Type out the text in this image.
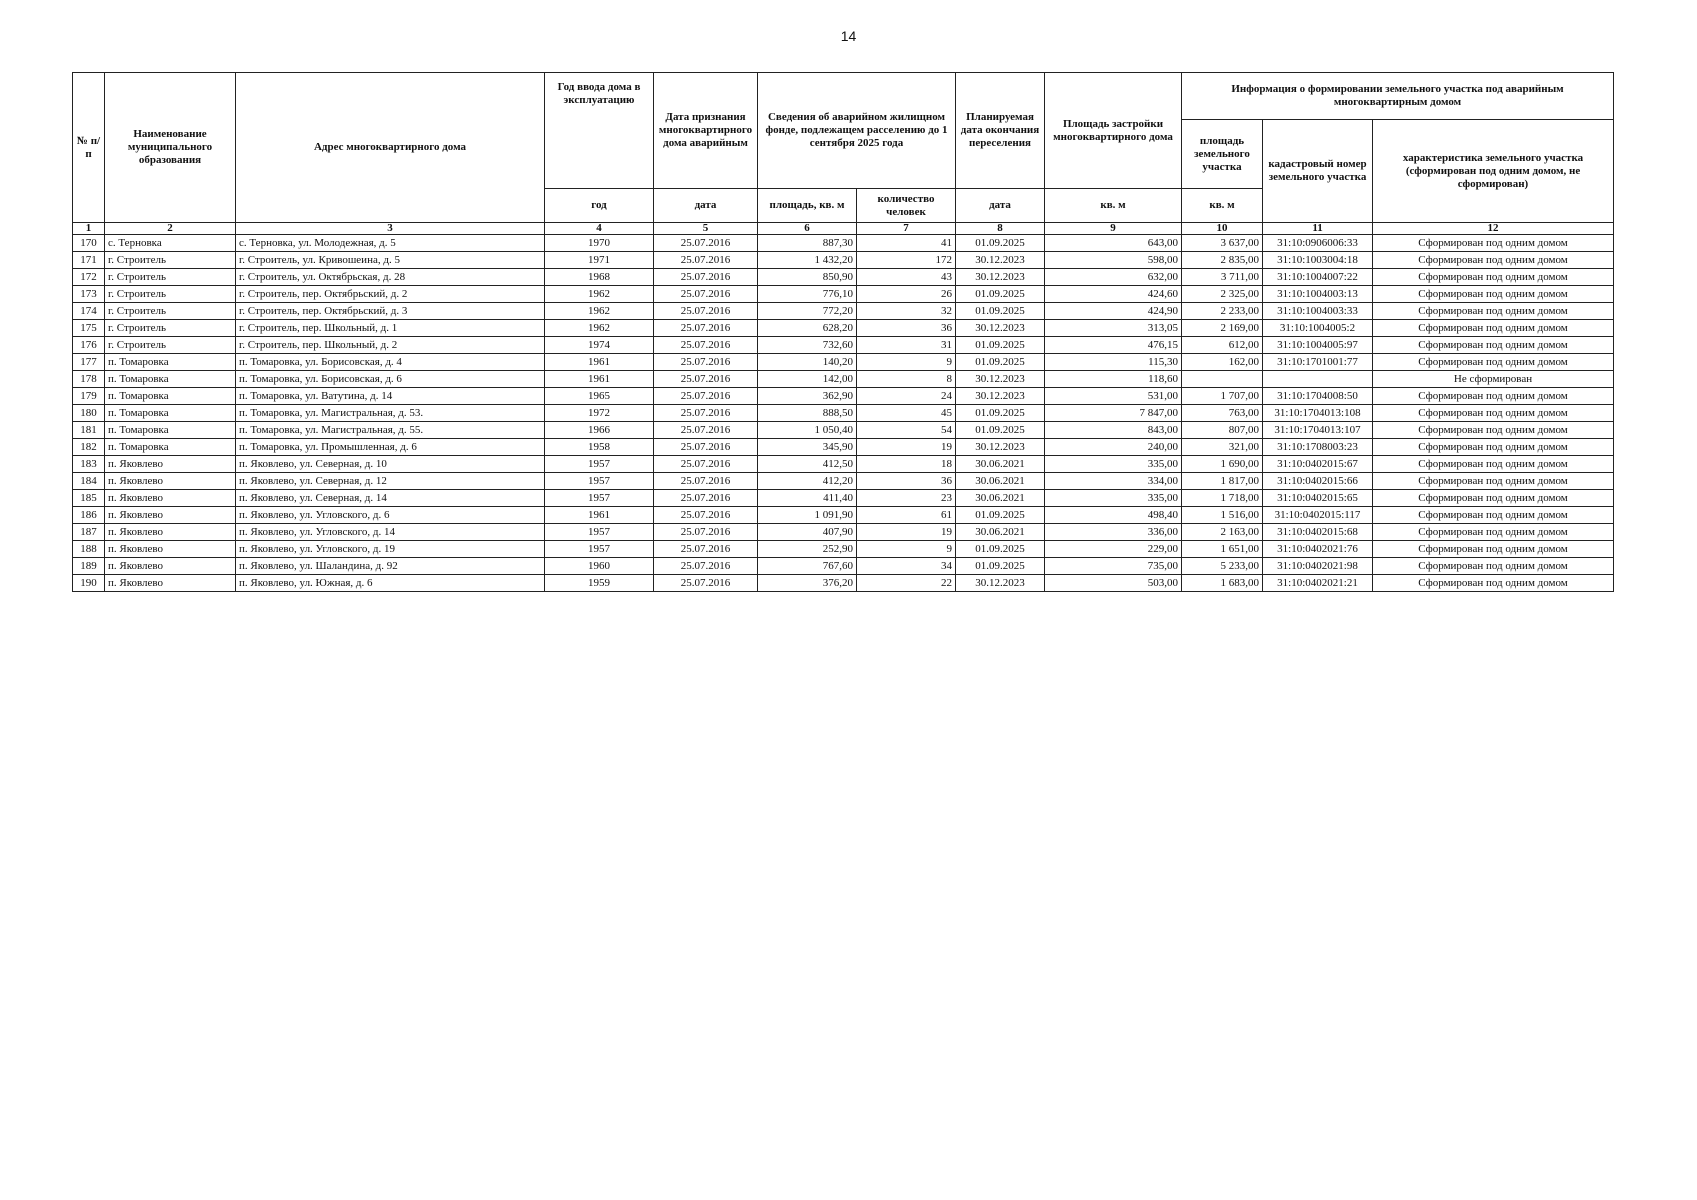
14
№ п/п	Наименование муниципального образования	Адрес многоквартирного дома	Год ввода дома в эксплуатацию	Дата признания многоквартирного дома аварийным	Сведения об аварийном жилищном фонде, подлежащем расселению до 1 сентября 2025 года		Планируемая дата окончания переселения	Площадь застройки многоквартирного дома	Информация о формировании земельного участка под аварийным многоквартирным домом		
									площадь земельного участка	кадастровый номер земельного участка	характеристика земельного участка (сформирован под одним домом, не сформирован)
			год	дата	площадь, кв. м	количество человек	дата	кв. м	кв. м		
1	2	3	4	5	6	7	8	9	10	11	12
170	с. Терновка	с. Терновка, ул. Молодежная, д. 5	1970	25.07.2016	887,30	41	01.09.2025	643,00	3 637,00	31:10:0906006:33	Сформирован под одним домом
171	г. Строитель	г. Строитель, ул. Кривошеина, д. 5	1971	25.07.2016	1 432,20	172	30.12.2023	598,00	2 835,00	31:10:1003004:18	Сформирован под одним домом
172	г. Строитель	г. Строитель, ул. Октябрьская, д. 28	1968	25.07.2016	850,90	43	30.12.2023	632,00	3 711,00	31:10:1004007:22	Сформирован под одним домом
173	г. Строитель	г. Строитель, пер. Октябрьский, д. 2	1962	25.07.2016	776,10	26	01.09.2025	424,60	2 325,00	31:10:1004003:13	Сформирован под одним домом
174	г. Строитель	г. Строитель, пер. Октябрьский, д. 3	1962	25.07.2016	772,20	32	01.09.2025	424,90	2 233,00	31:10:1004003:33	Сформирован под одним домом
175	г. Строитель	г. Строитель, пер. Школьный, д. 1	1962	25.07.2016	628,20	36	30.12.2023	313,05	2 169,00	31:10:1004005:2	Сформирован под одним домом
176	г. Строитель	г. Строитель, пер. Школьный, д. 2	1974	25.07.2016	732,60	31	01.09.2025	476,15	612,00	31:10:1004005:97	Сформирован под одним домом
177	п. Томаровка	п. Томаровка, ул. Борисовская, д. 4	1961	25.07.2016	140,20	9	01.09.2025	115,30	162,00	31:10:1701001:77	Сформирован под одним домом
178	п. Томаровка	п. Томаровка, ул. Борисовская, д. 6	1961	25.07.2016	142,00	8	30.12.2023	118,60			Не сформирован
179	п. Томаровка	п. Томаровка, ул. Ватутина, д. 14	1965	25.07.2016	362,90	24	30.12.2023	531,00	1 707,00	31:10:1704008:50	Сформирован под одним домом
180	п. Томаровка	п. Томаровка, ул. Магистральная, д. 53.	1972	25.07.2016	888,50	45	01.09.2025	7 847,00	763,00	31:10:1704013:108	Сформирован под одним домом
181	п. Томаровка	п. Томаровка, ул. Магистральная, д. 55.	1966	25.07.2016	1 050,40	54	01.09.2025	843,00	807,00	31:10:1704013:107	Сформирован под одним домом
182	п. Томаровка	п. Томаровка, ул. Промышленная, д. 6	1958	25.07.2016	345,90	19	30.12.2023	240,00	321,00	31:10:1708003:23	Сформирован под одним домом
183	п. Яковлево	п. Яковлево, ул. Северная, д. 10	1957	25.07.2016	412,50	18	30.06.2021	335,00	1 690,00	31:10:0402015:67	Сформирован под одним домом
184	п. Яковлево	п. Яковлево, ул. Северная, д. 12	1957	25.07.2016	412,20	36	30.06.2021	334,00	1 817,00	31:10:0402015:66	Сформирован под одним домом
185	п. Яковлево	п. Яковлево, ул. Северная, д. 14	1957	25.07.2016	411,40	23	30.06.2021	335,00	1 718,00	31:10:0402015:65	Сформирован под одним домом
186	п. Яковлево	п. Яковлево, ул. Угловского, д. 6	1961	25.07.2016	1 091,90	61	01.09.2025	498,40	1 516,00	31:10:0402015:117	Сформирован под одним домом
187	п. Яковлево	п. Яковлево, ул. Угловского, д. 14	1957	25.07.2016	407,90	19	30.06.2021	336,00	2 163,00	31:10:0402015:68	Сформирован под одним домом
188	п. Яковлево	п. Яковлево, ул. Угловского, д. 19	1957	25.07.2016	252,90	9	01.09.2025	229,00	1 651,00	31:10:0402021:76	Сформирован под одним домом
189	п. Яковлево	п. Яковлево, ул. Шаландина, д. 92	1960	25.07.2016	767,60	34	01.09.2025	735,00	5 233,00	31:10:0402021:98	Сформирован под одним домом
190	п. Яковлево	п. Яковлево, ул. Южная, д. 6	1959	25.07.2016	376,20	22	30.12.2023	503,00	1 683,00	31:10:0402021:21	Сформирован под одним домом
